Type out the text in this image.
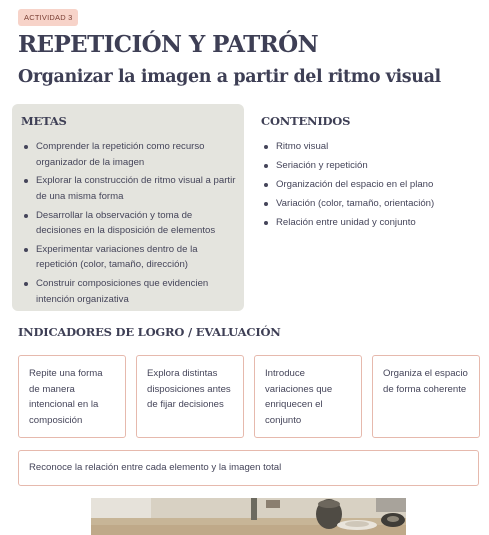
ACTIVIDAD 3
REPETICIÓN Y PATRÓN
Organizar la imagen a partir del ritmo visual
METAS
Comprender la repetición como recurso organizador de la imagen
Explorar la construcción de ritmo visual a partir de una misma forma
Desarrollar la observación y toma de decisiones en la disposición de elementos
Experimentar variaciones dentro de la repetición (color, tamaño, dirección)
Construir composiciones que evidencien intención organizativa
CONTENIDOS
Ritmo visual
Seriación y repetición
Organización del espacio en el plano
Variación (color, tamaño, orientación)
Relación entre unidad y conjunto
INDICADORES DE LOGRO / EVALUACIÓN
Repite una forma de manera intencional en la composición
Explora distintas disposiciones antes de fijar decisiones
Introduce variaciones que enriquecen el conjunto
Organiza el espacio de forma coherente
Reconoce la relación entre cada elemento y la imagen total
